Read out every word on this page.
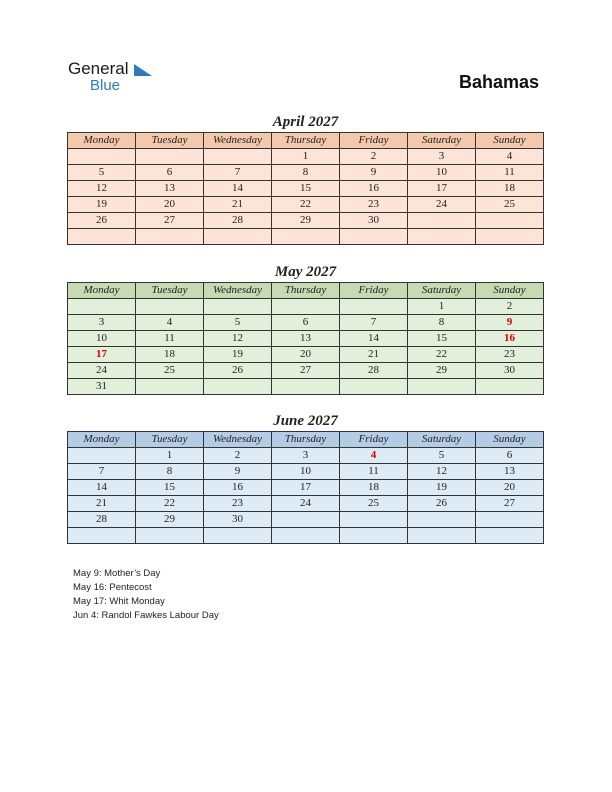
General
Blue	Bahamas
April 2027
Monday	Tuesday	Wednesday	Thursday	Friday	Saturday	Sunday
			1	2	3	4
5	6	7	8	9	10	11
12	13	14	15	16	17	18
19	20	21	22	23	24	25
26	27	28	29	30		

May 2027
Monday	Tuesday	Wednesday	Thursday	Friday	Saturday	Sunday
					1	2
3	4	5	6	7	8	9
10	11	12	13	14	15	16
17	18	19	20	21	22	23
24	25	26	27	28	29	30
31						
June 2027
Monday	Tuesday	Wednesday	Thursday	Friday	Saturday	Sunday
	1	2	3	4	5	6
7	8	9	10	11	12	13
14	15	16	17	18	19	20
21	22	23	24	25	26	27
28	29	30				

May 9: Mother’s Day
May 16: Pentecost
May 17: Whit Monday
Jun 4: Randol Fawkes Labour Day
